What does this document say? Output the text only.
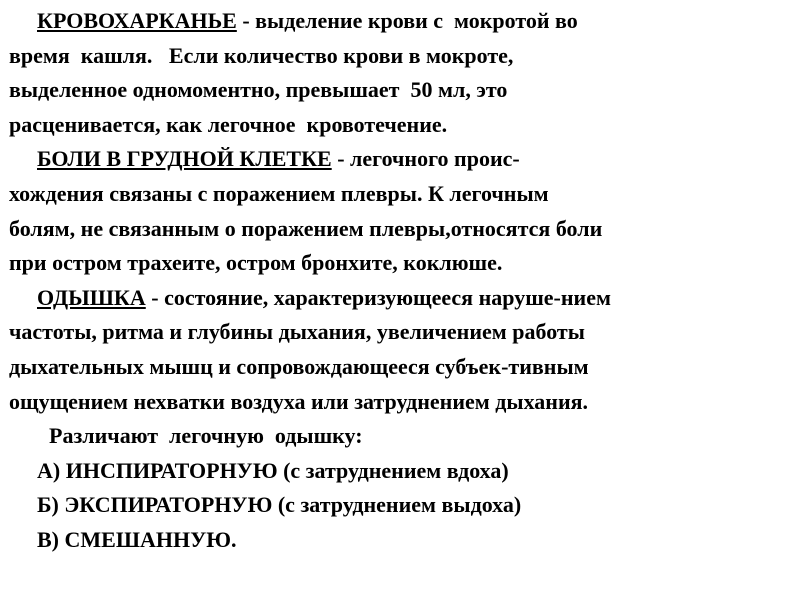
КРОВОХАРКАНЬЕ - выделение крови с  мокротой во
время  кашля.   Если количество крови в мокроте,
выделенное одномоментно, превышает  50 мл, это
расценивается, как легочное  кровотечение.
БОЛИ В ГРУДНОЙ КЛЕТКЕ - легочного проис-
хождения связаны с поражением плевры. К легочным
болям, не связанным о поражением плевры,относятся боли
при остром трахеите, остром бронхите, коклюше.
ОДЫШКА - состояние, характеризующееся наруше-нием
частоты, ритма и глубины дыхания, увеличением работы
дыхательных мышц и сопровождающееся субъек-тивным
ощущением нехватки воздуха или затруднением дыхания.
Различают  легочную  одышку:
А) ИНСПИРАТОРНУЮ (с затруднением вдоха)
Б) ЭКСПИРАТОРНУЮ (с затруднением выдоха)
В) СМЕШАННУЮ.
